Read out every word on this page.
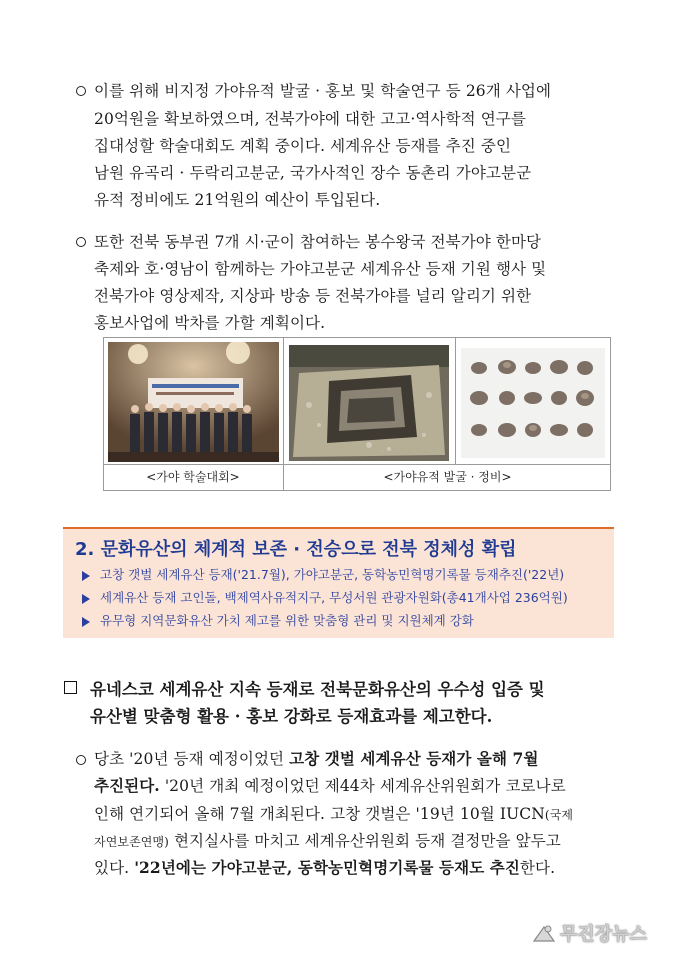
이를 위해 비지정 가야유적 발굴 · 홍보 및 학술연구 등 26개 사업에
20억원을 확보하였으며, 전북가야에 대한 고고·역사학적 연구를
집대성할 학술대회도 계획 중이다. 세계유산 등재를 추진 중인
남원 유곡리 · 두락리고분군, 국가사적인 장수 동촌리 가야고분군
유적 정비에도 21억원의 예산이 투입된다.
또한 전북 동부권 7개 시·군이 참여하는 봉수왕국 전북가야 한마당
축제와 호·영남이 함께하는 가야고분군 세계유산 등재 기원 행사 및
전북가야 영상제작, 지상파 방송 등 전북가야를 널리 알리기 위한
홍보사업에 박차를 가할 계획이다.
<가야 학술대회>	<가야유적 발굴 · 정비>
2. 문화유산의 체계적 보존 · 전승으로 전북 정체성 확립
고창 갯벌 세계유산 등재('21.7월), 가야고분군, 동학농민혁명기록물 등재추진('22년)
세계유산 등재 고인돌, 백제역사유적지구, 무성서원 관광자원화(총41개사업 236억원)
유무형 지역문화유산 가치 제고를 위한 맞춤형 관리 및 지원체계 강화
유네스코 세계유산 지속 등재로 전북문화유산의 우수성 입증 및
유산별 맞춤형 활용 · 홍보 강화로 등재효과를 제고한다.
당초 '20년 등재 예정이었던 고창 갯벌 세계유산 등재가 올해 7월
추진된다. '20년 개최 예정이었던 제44차 세계유산위원회가 코로나로
인해 연기되어 올해 7월 개최된다. 고창 갯벌은 '19년 10월 IUCN(국제
자연보존연맹) 현지실사를 마치고 세계유산위원회 등재 결정만을 앞두고
있다. '22년에는 가야고분군, 동학농민혁명기록물 등재도 추진한다.
무진장뉴스
